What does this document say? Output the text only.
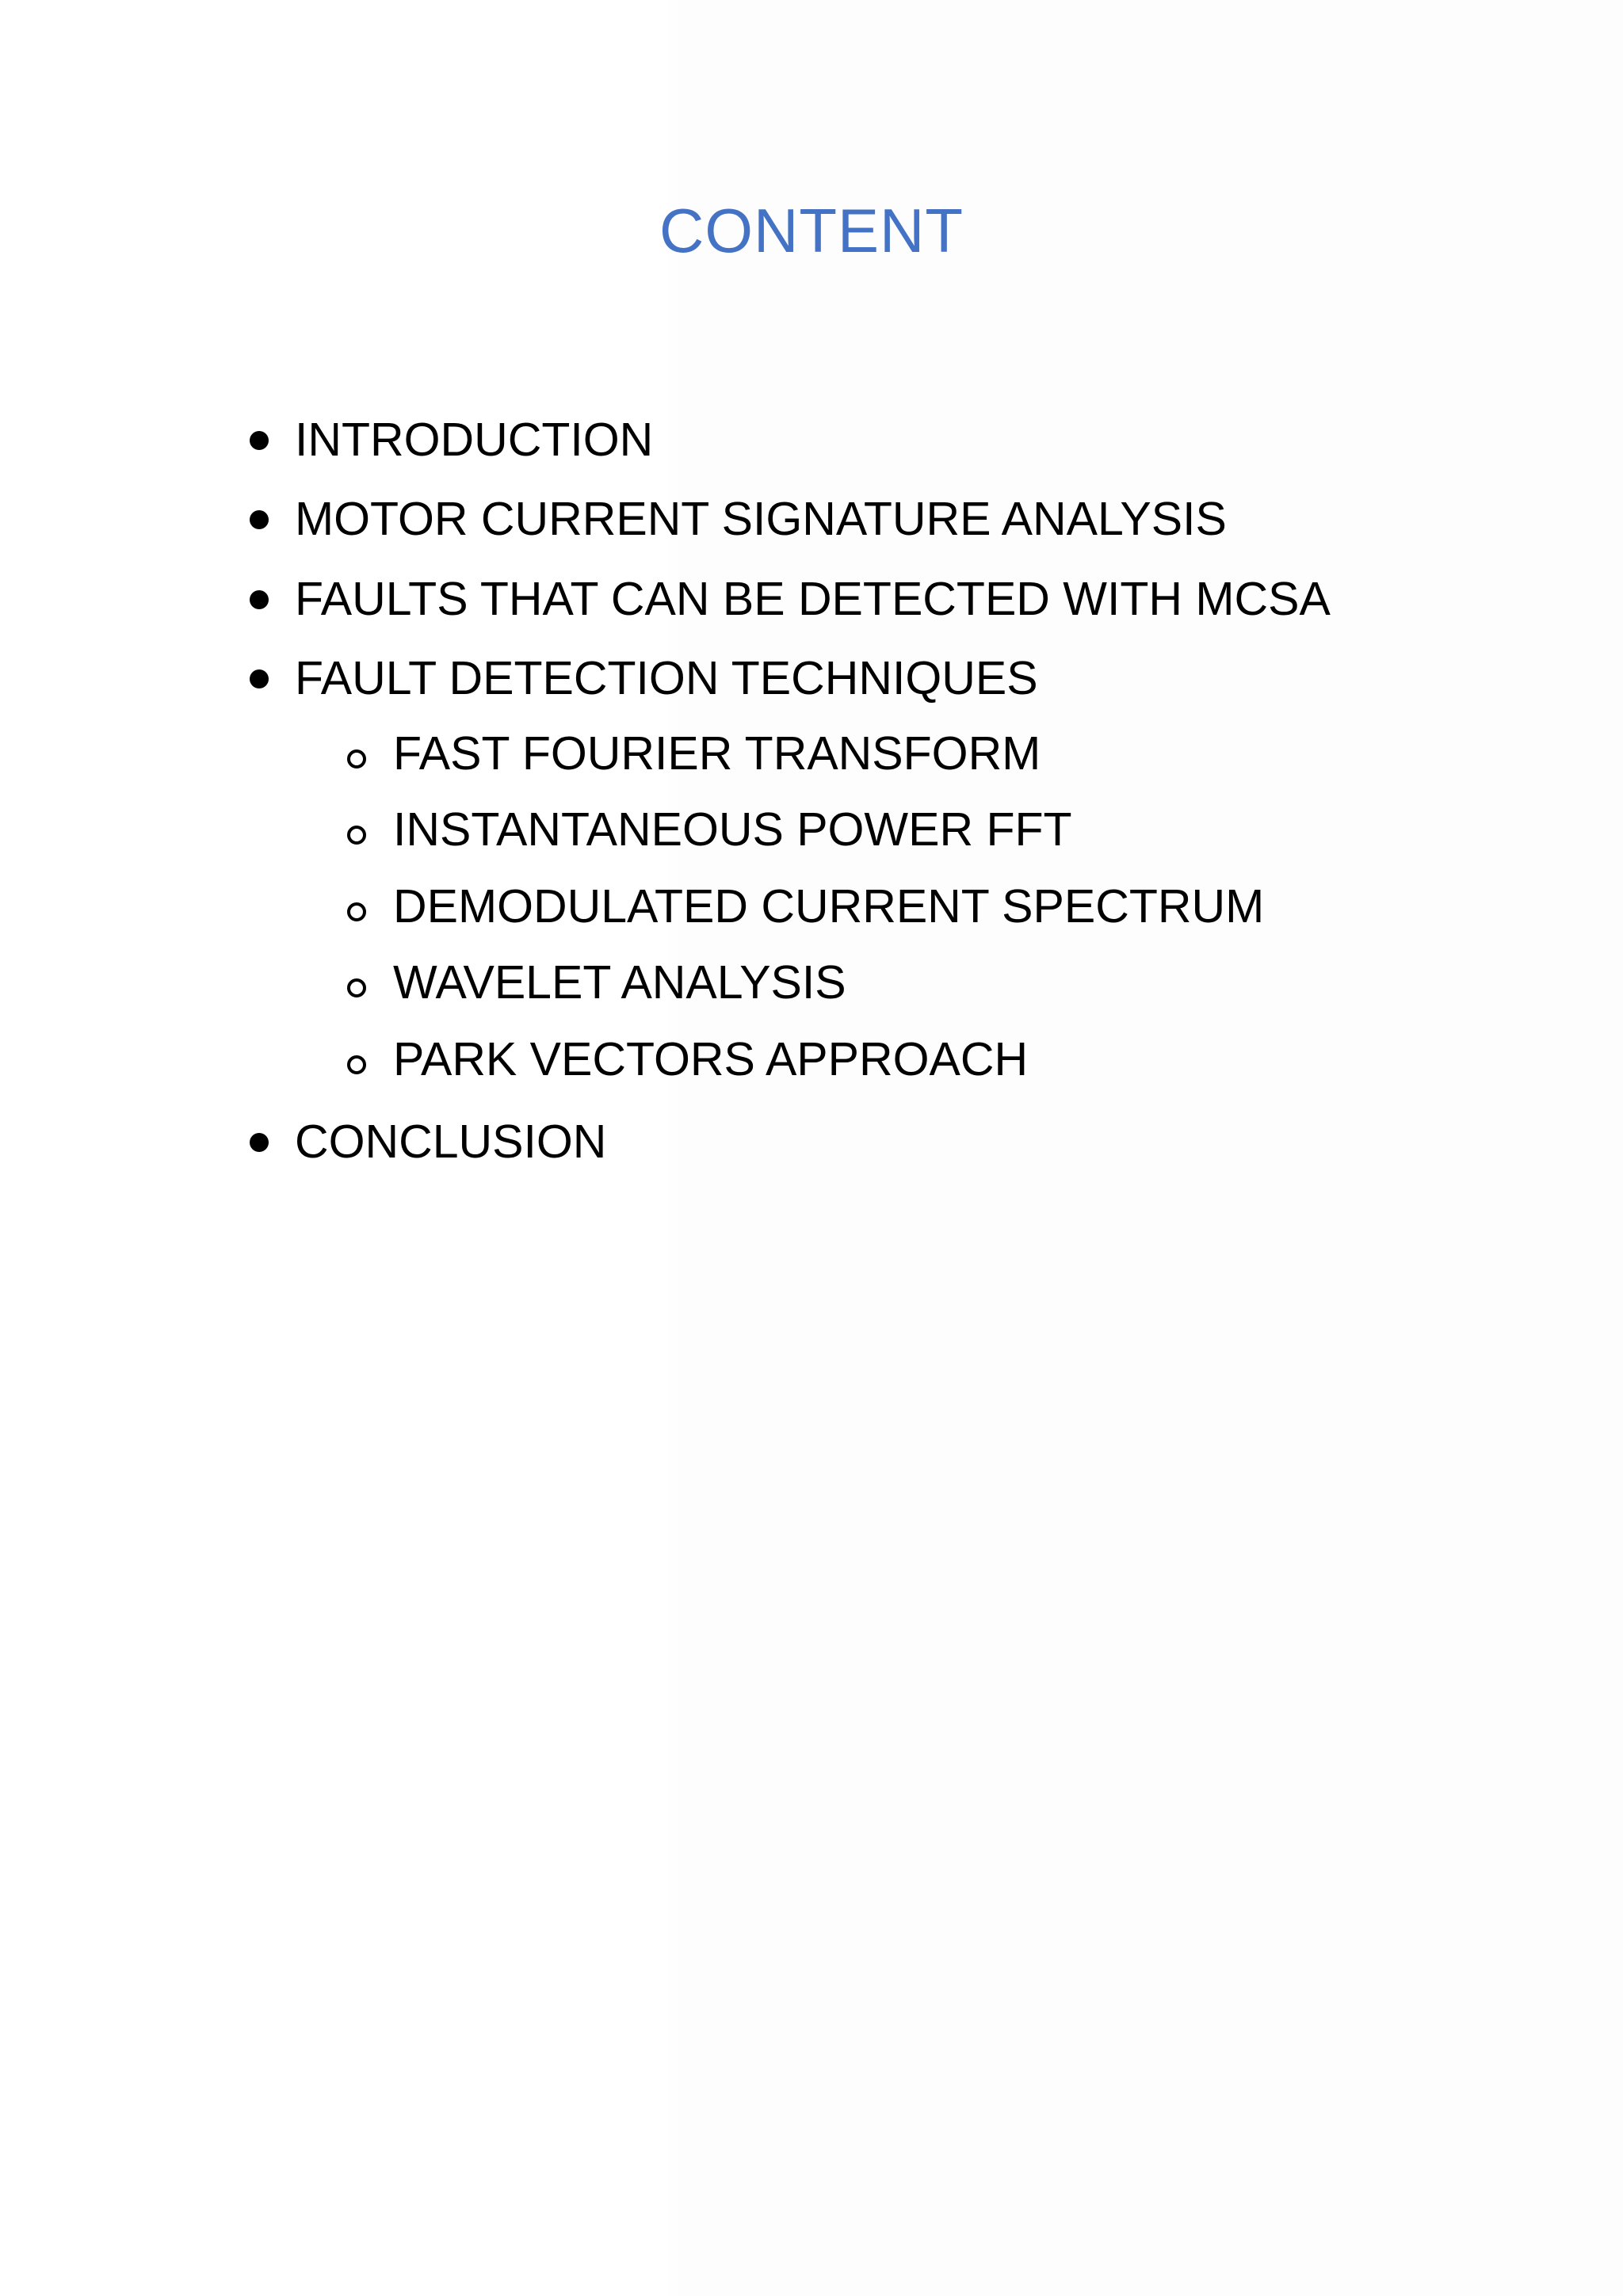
CONTENT
INTRODUCTION
MOTOR CURRENT SIGNATURE ANALYSIS
FAULTS THAT CAN BE DETECTED WITH MCSA
FAULT DETECTION TECHNIQUES
FAST FOURIER TRANSFORM
INSTANTANEOUS POWER FFT
DEMODULATED CURRENT SPECTRUM
WAVELET ANALYSIS
PARK VECTORS APPROACH
CONCLUSION
